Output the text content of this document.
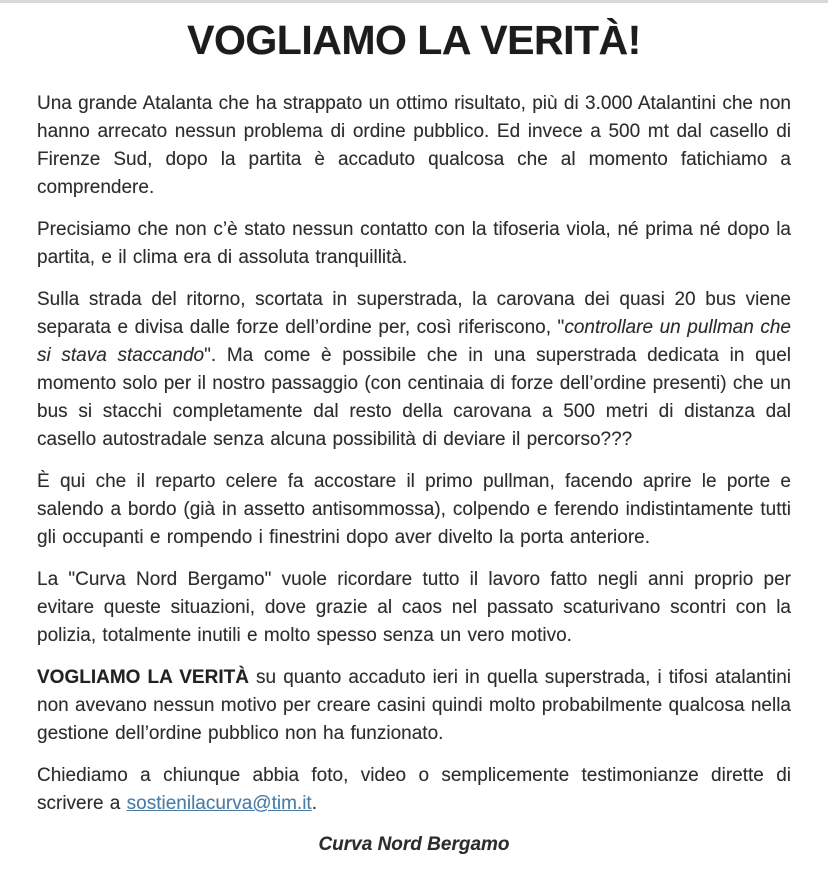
VOGLIAMO LA VERITÀ!

Una grande Atalanta che ha strappato un ottimo risultato, più di 3.000 Atalantini che non hanno arrecato nessun problema di ordine pubblico. Ed invece a 500 mt dal casello di Firenze Sud, dopo la partita è accaduto qualcosa che al momento fatichiamo a comprendere.

Precisiamo che non c’è stato nessun contatto con la tifoseria viola, né prima né dopo la partita, e il clima era di assoluta tranquillità.

Sulla strada del ritorno, scortata in superstrada, la carovana dei quasi 20 bus viene separata e divisa dalle forze dell’ordine per, così riferiscono, "controllare un pullman che si stava staccando". Ma come è possibile che in una superstrada dedicata in quel momento solo per il nostro passaggio (con centinaia di forze dell’ordine presenti) che un bus si stacchi completamente dal resto della carovana a 500 metri di distanza dal casello autostradale senza alcuna possibilità di deviare il percorso???

È qui che il reparto celere fa accostare il primo pullman, facendo aprire le porte e salendo a bordo (già in assetto antisommossa), colpendo e ferendo indistintamente tutti gli occupanti e rompendo i finestrini dopo aver divelto la porta anteriore.

La "Curva Nord Bergamo" vuole ricordare tutto il lavoro fatto negli anni proprio per evitare queste situazioni, dove grazie al caos nel passato scaturivano scontri con la polizia, totalmente inutili e molto spesso senza un vero motivo.

VOGLIAMO LA VERITÀ su quanto accaduto ieri in quella superstrada, i tifosi atalantini non avevano nessun motivo per creare casini quindi molto probabilmente qualcosa nella gestione dell’ordine pubblico non ha funzionato.

Chiediamo a chiunque abbia foto, video o semplicemente testimonianze dirette di scrivere a sostienilacurva@tim.it.

Curva Nord Bergamo
